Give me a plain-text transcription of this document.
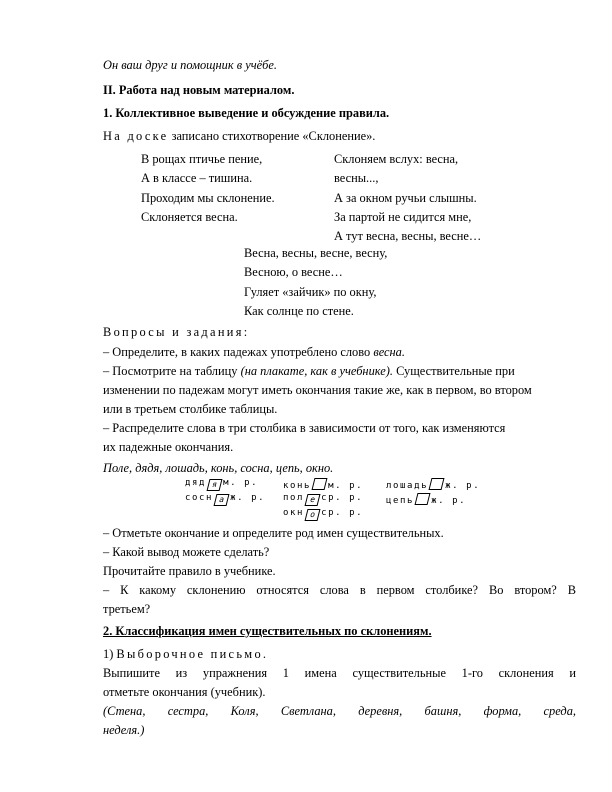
Он ваш друг и помощник в учёбе.
II. Работа над новым материалом.
1. Коллективное выведение и обсуждение правила.
На доске записано стихотворение «Склонение».
В рощах птичье пение,
А в классе – тишина.
Проходим мы склонение.
Склоняется весна.
Склоняем вслух: весна,
весны...,
А за окном ручьи слышны.
За партой не сидится мне,
А тут весна, весны, весне…
Весна, весны, весне, весну,
Весною, о весне…
Гуляет «зайчик» по окну,
Как солнце по стене.
Вопросы и задания:
– Определите, в каких падежах употреблено слово весна.
– Посмотрите на таблицу (на плакате, как в учебнике). Существительные при
изменении по падежам могут иметь окончания такие же, как в первом, во втором
или в третьем столбике таблицы.
– Распределите слова в три столбика в зависимости от того, как изменяются
их падежные окончания.
Поле, дядя, лошадь, конь, сосна, цепь, окно.
дяд я м. р.
сосн а ж. р.
конь м. р.
пол е ср. р.
окн о ср. р.
лошадь ж. р.
цепь ж. р.
– Отметьте окончание и определите род имен существительных.
– Какой вывод можете сделать?
Прочитайте правило в учебнике.
– К какому склонению относятся слова в первом столбике? Во втором? В
третьем?
2. Классификация имен существительных по склонениям.
1) Выборочное письмо.
Выпишите из упражнения 1 имена существительные 1-го склонения и
отметьте окончания (учебник).
(Стена, сестра, Коля, Светлана, деревня, башня, форма, среда,
неделя.)
